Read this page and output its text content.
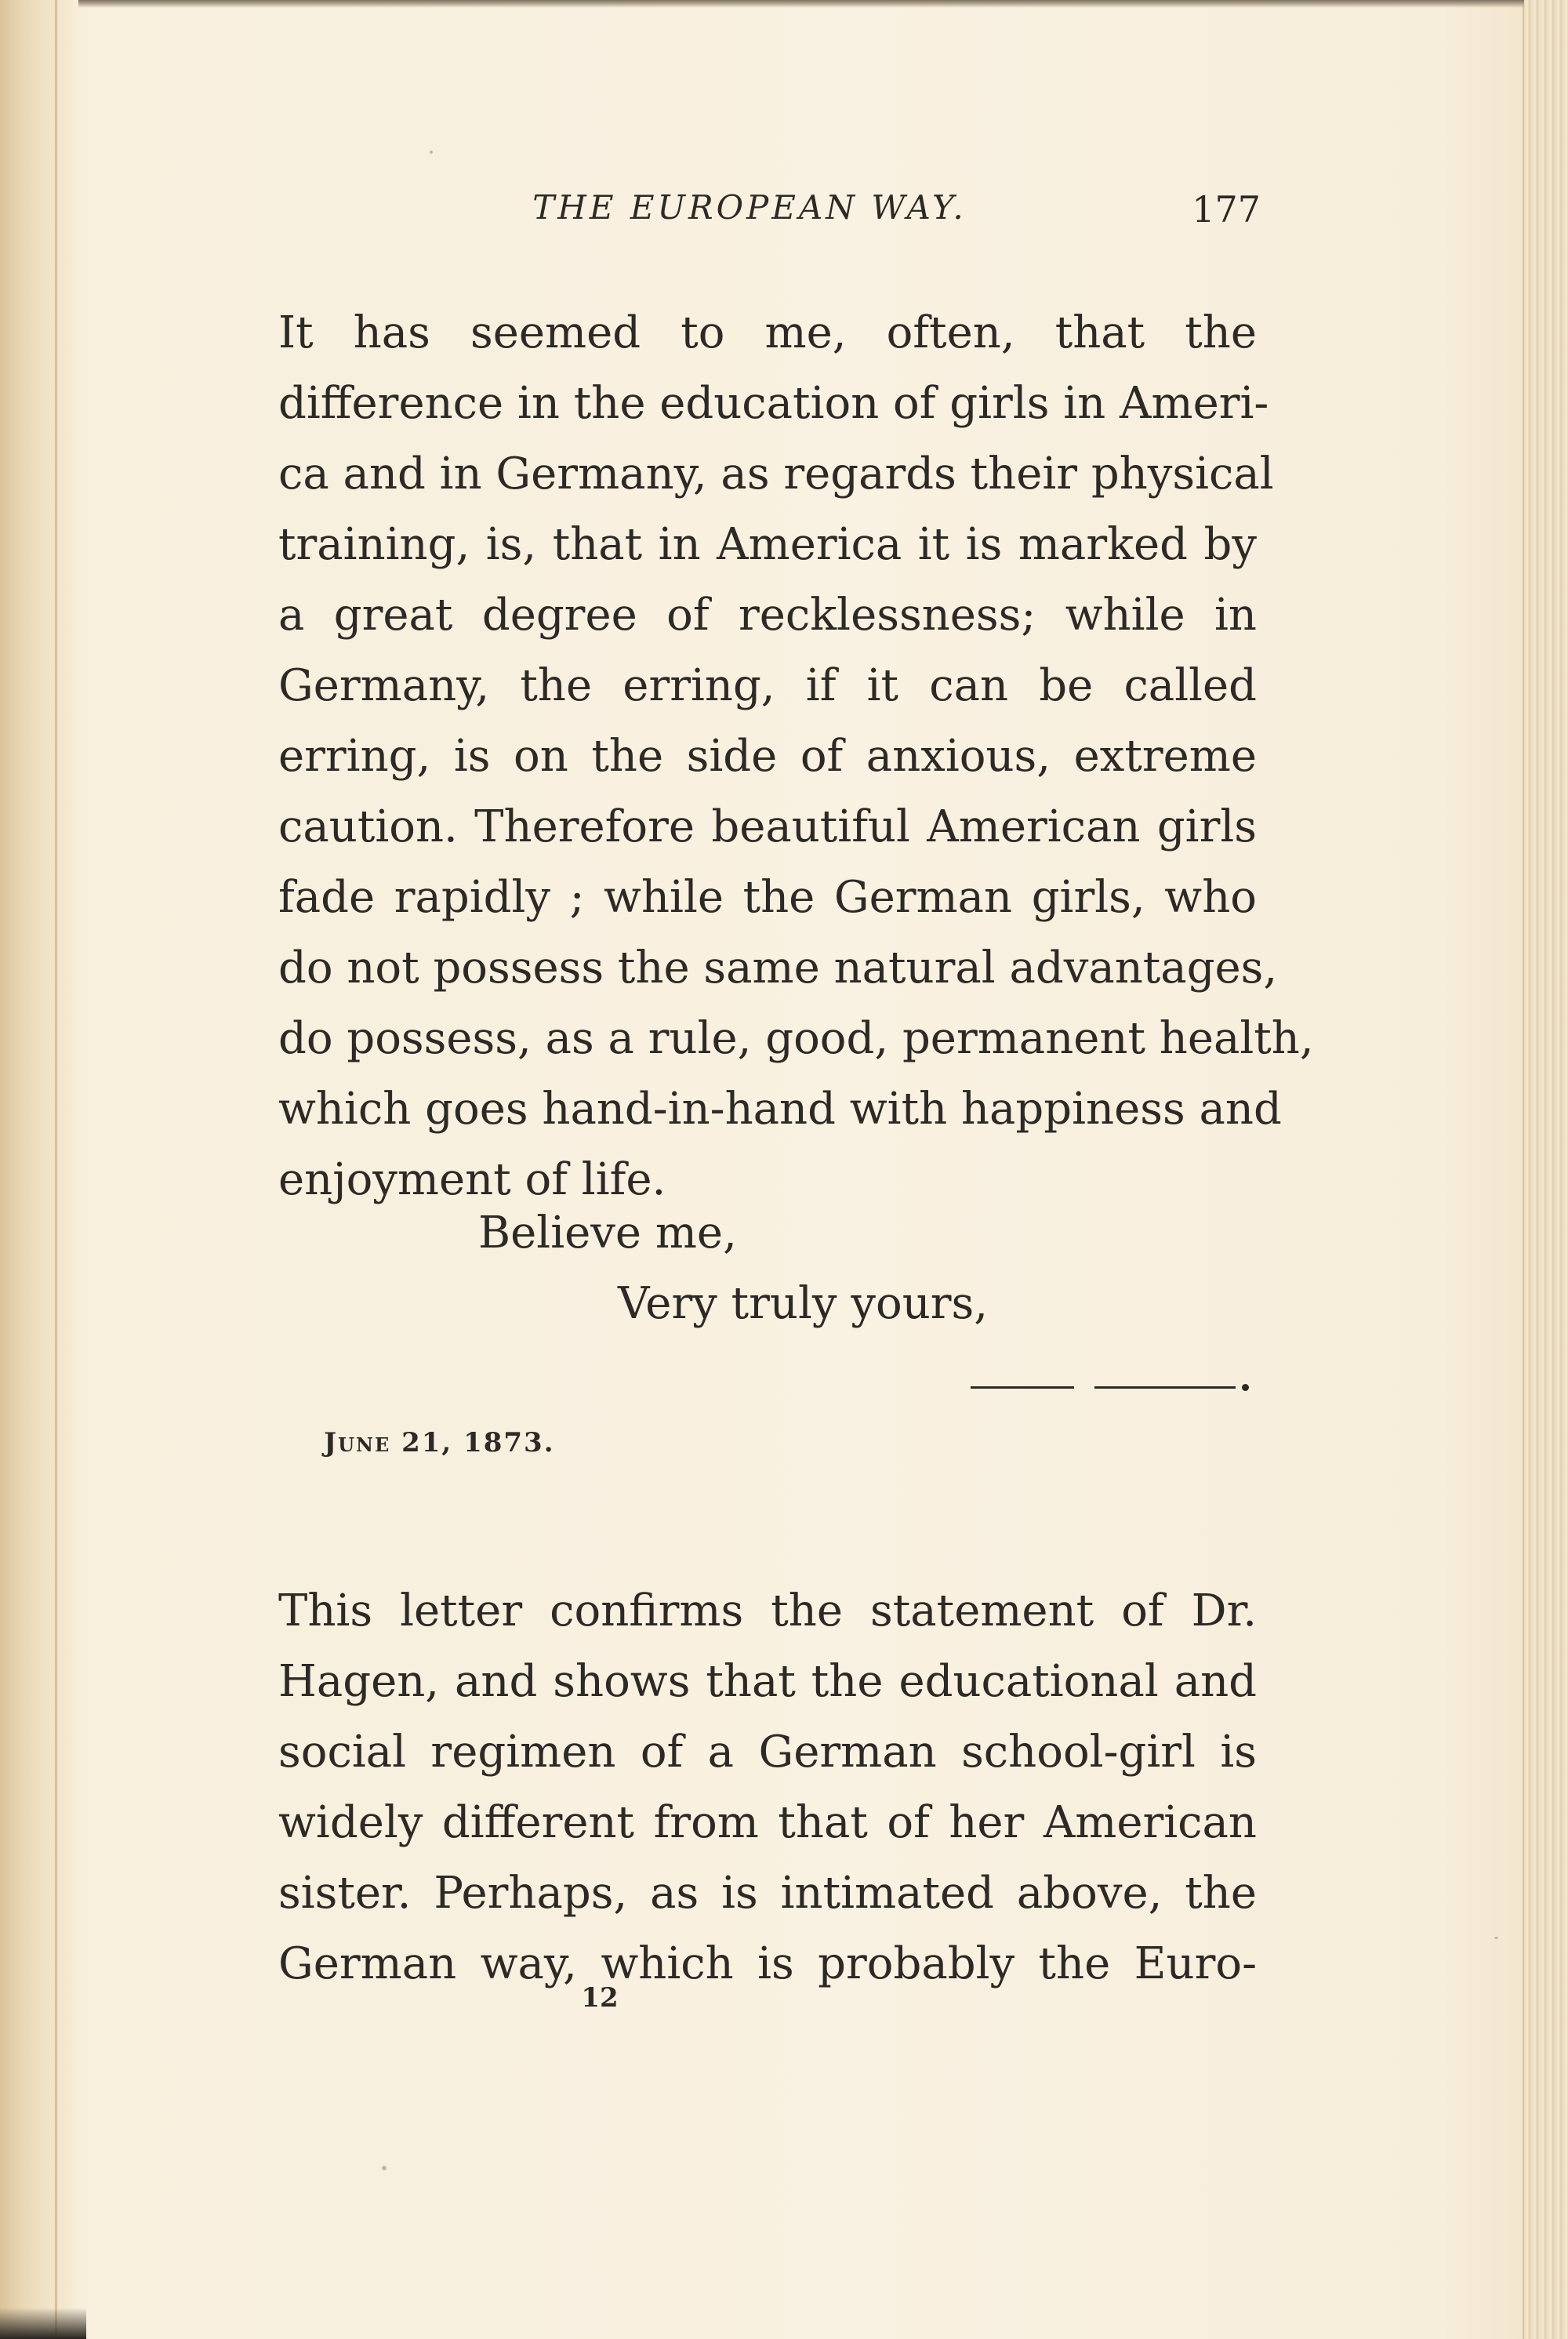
THE EUROPEAN WAY.	177
It has seemed to me, often, that the
difference in the education of girls in Ameri-
ca and in Germany, as regards their physical
training, is, that in America it is marked by
a great degree of recklessness; while in
Germany, the erring, if it can be called
erring, is on the side of anxious, extreme
caution. Therefore beautiful American girls
fade rapidly ; while the German girls, who
do not possess the same natural advantages,
do possess, as a rule, good, permanent health,
which goes hand-in-hand with happiness and
enjoyment of life.
Believe me,
Very truly yours,
June 21, 1873.
This letter confirms the statement of Dr.
Hagen, and shows that the educational and
social regimen of a German school-girl is
widely different from that of her American
sister. Perhaps, as is intimated above, the
German way, which is probably the Euro-
12
